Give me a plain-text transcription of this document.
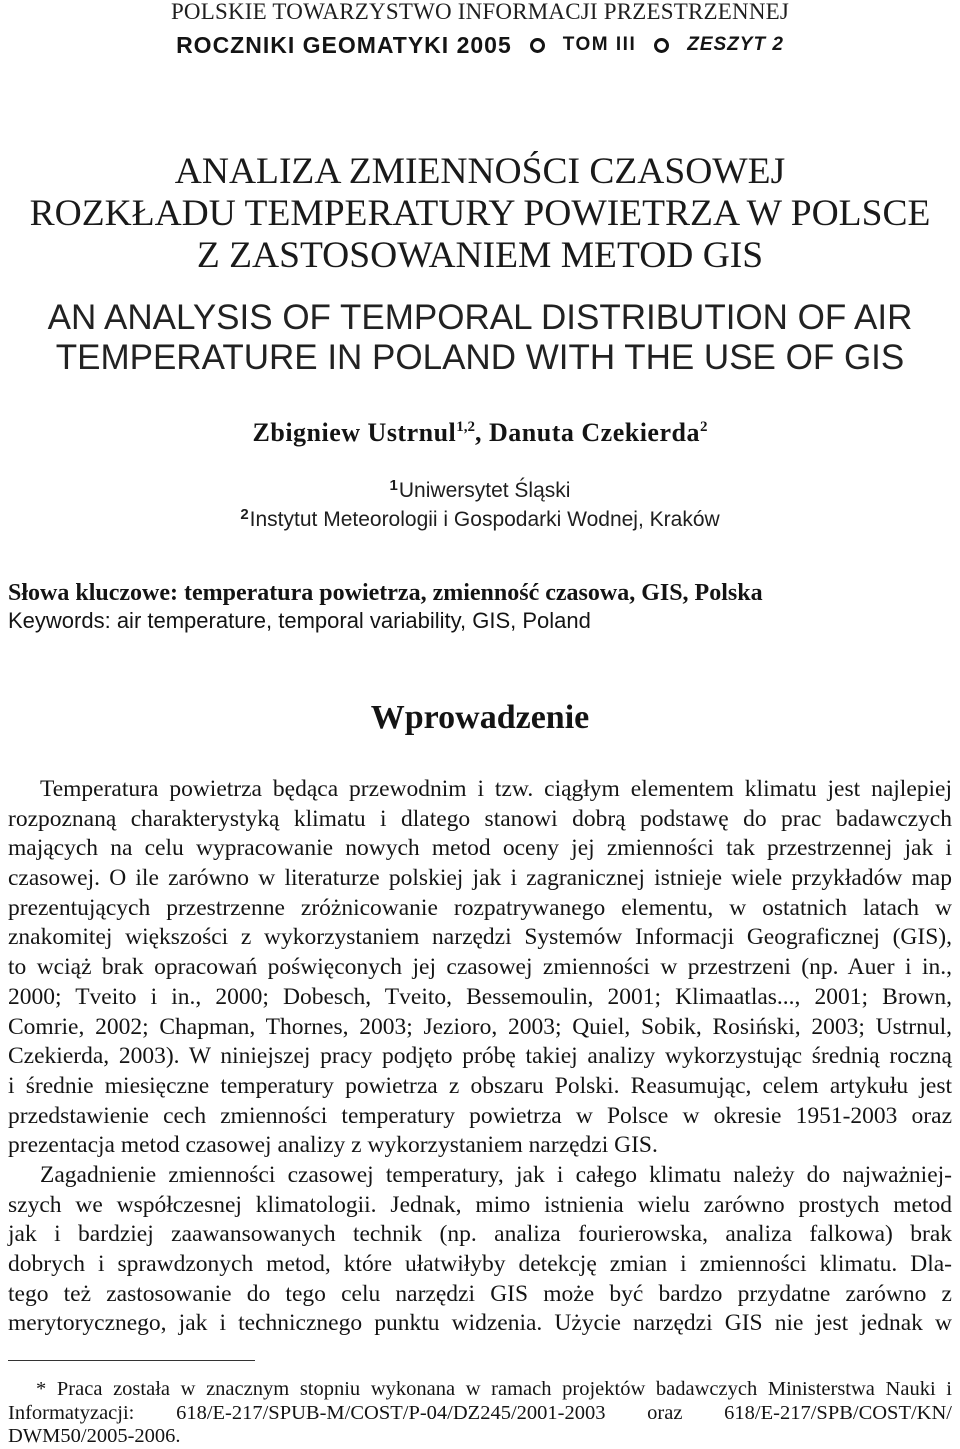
POLSKIE TOWARZYSTWO INFORMACJI PRZESTRZENNEJ
ROCZNIKI GEOMATYKI 2005	TOM III	ZESZYT 2
ANALIZA ZMIENNOŚCI CZASOWEJ
ROZKŁADU TEMPERATURY POWIETRZA W POLSCE
Z ZASTOSOWANIEM METOD GIS
AN ANALYSIS OF TEMPORAL DISTRIBUTION OF AIR
TEMPERATURE IN POLAND WITH THE USE OF GIS
Zbigniew Ustrnul$^{1,2}$, Danuta Czekierda$^2$
$^1$Uniwersytet Śląski
$^2$Instytut Meteorologii i Gospodarki Wodnej, Kraków
Słowa kluczowe: temperatura powietrza, zmienność czasowa, GIS, Polska
Keywords: air temperature, temporal variability, GIS, Poland
Wprowadzenie
Temperatura powietrza będąca przewodnim i tzw. ciągłym elementem klimatu jest najlepiej
rozpoznaną charakterystyką klimatu i dlatego stanowi dobrą podstawę do prac badawczych
mających na celu wypracowanie nowych metod oceny jej zmienności tak przestrzennej jak i
czasowej. O ile zarówno w literaturze polskiej jak i zagranicznej istnieje wiele przykładów map
prezentujących przestrzenne zróżnicowanie rozpatrywanego elementu, w ostatnich latach w
znakomitej większości z wykorzystaniem narzędzi Systemów Informacji Geograficznej (GIS),
to wciąż brak opracowań poświęconych jej czasowej zmienności w przestrzeni (np. Auer i in.,
2000; Tveito i in., 2000; Dobesch, Tveito, Bessemoulin, 2001; Klimaatlas..., 2001; Brown,
Comrie, 2002; Chapman, Thornes, 2003; Jezioro, 2003; Quiel, Sobik, Rosiński, 2003; Ustrnul,
Czekierda, 2003). W niniejszej pracy podjęto próbę takiej analizy wykorzystując średnią roczną
i średnie miesięczne temperatury powietrza z obszaru Polski. Reasumując, celem artykułu jest
przedstawienie cech zmienności temperatury powietrza w Polsce w okresie 1951-2003 oraz
prezentacja metod czasowej analizy z wykorzystaniem narzędzi GIS.
Zagadnienie zmienności czasowej temperatury, jak i całego klimatu należy do najważniej-
szych we współczesnej klimatologii. Jednak, mimo istnienia wielu zarówno prostych metod
jak i bardziej zaawansowanych technik (np. analiza fourierowska, analiza falkowa) brak
dobrych i sprawdzonych metod, które ułatwiłyby detekcję zmian i zmienności klimatu. Dla-
tego też zastosowanie do tego celu narzędzi GIS może być bardzo przydatne zarówno z
merytorycznego, jak i technicznego punktu widzenia. Użycie narzędzi GIS nie jest jednak w
* Praca została w znacznym stopniu wykonana w ramach projektów badawczych Ministerstwa Nauki i
Informatyzacji: 618/E-217/SPUB-M/COST/P-04/DZ245/2001-2003 oraz 618/E-217/SPB/COST/KN/
DWM50/2005-2006.
